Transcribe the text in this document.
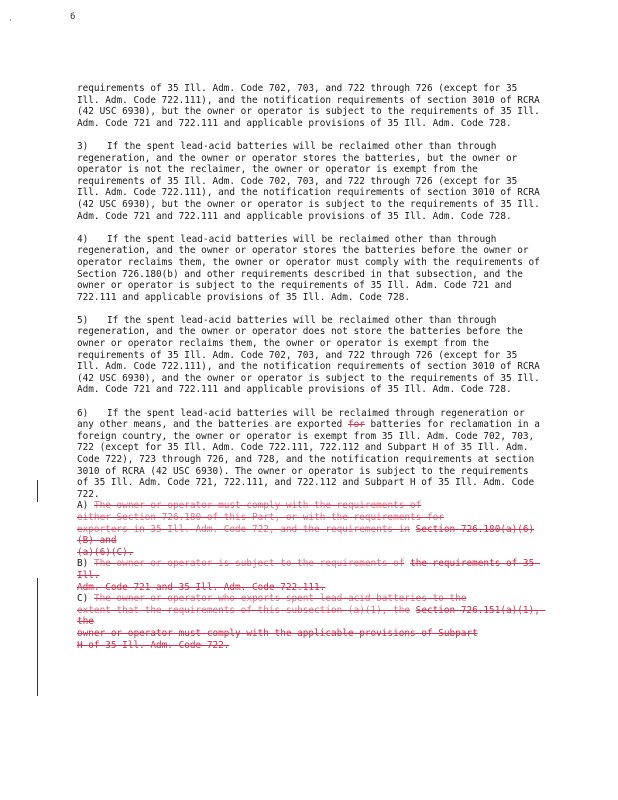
'
6

requirements of 35 Ill. Adm. Code 702, 703, and 722 through 726 (except for 35 Ill. Adm. Code 722.111), and the notification requirements of section 3010 of RCRA (42 USC 6930), but the owner or operator is subject to the requirements of 35 Ill. Adm. Code 721 and 722.111 and applicable provisions of 35 Ill. Adm. Code 728.

3) If the spent lead-acid batteries will be reclaimed other than through regeneration, and the owner or operator stores the batteries, but the owner or operator is not the reclaimer, the owner or operator is exempt from the requirements of 35 Ill. Adm. Code 702, 703, and 722 through 726 (except for 35 Ill. Adm. Code 722.111), and the notification requirements of section 3010 of RCRA (42 USC 6930), but the owner or operator is subject to the requirements of 35 Ill. Adm. Code 721 and 722.111 and applicable provisions of 35 Ill. Adm. Code 728.

4) If the spent lead-acid batteries will be reclaimed other than through regeneration, and the owner or operator stores the batteries before the owner or operator reclaims them, the owner or operator must comply with the requirements of Section 726.180(b) and other requirements described in that subsection, and the owner or operator is subject to the requirements of 35 Ill. Adm. Code 721 and 722.111 and applicable provisions of 35 Ill. Adm. Code 728.

5) If the spent lead-acid batteries will be reclaimed other than through regeneration, and the owner or operator does not store the batteries before the owner or operator reclaims them, the owner or operator is exempt from the requirements of 35 Ill. Adm. Code 702, 703, and 722 through 726 (except for 35 Ill. Adm. Code 722.111), and the notification requirements of section 3010 of RCRA (42 USC 6930), and the owner or operator is subject to the requirements of 35 Ill. Adm. Code 721 and 722.111 and applicable provisions of 35 Ill. Adm. Code 728.

6) If the spent lead-acid batteries will be reclaimed through regeneration or any other means, and the batteries are exported for batteries for reclamation in a foreign country, the owner or operator is exempt from 35 Ill. Adm. Code 702, 703, 722 (except for 35 Ill. Adm. Code 722.111, 722.112 and Subpart H of 35 Ill. Adm. Code 722), 723 through 726, and 728, and the notification requirements at section 3010 of RCRA (42 USC 6930). The owner or operator is subject to the requirements of 35 Ill. Adm. Code 721, 722.111, and 722.112 and Subpart H of 35 Ill. Adm. Code 722.

A) The owner or operator must comply with the requirements of
either Section 726.180 of this Part, or with the requirements for
exporters in 35 Ill. Adm. Code 722, and the requirements in Section 726.180(a)(6)(B) and
(a)(6)(C).

B) The owner or operator is subject to the requirements of the requirements of 35 Ill.
Adm. Code 721 and 35 Ill. Adm. Code 722.111.

C) The owner or operator who exports spent lead-acid batteries to the
extent that the requirements of this subsection (a)(1), the Section 726.151(a)(1), the
owner or operator must comply with the applicable provisions of Subpart
H of 35 Ill. Adm. Code 722.
